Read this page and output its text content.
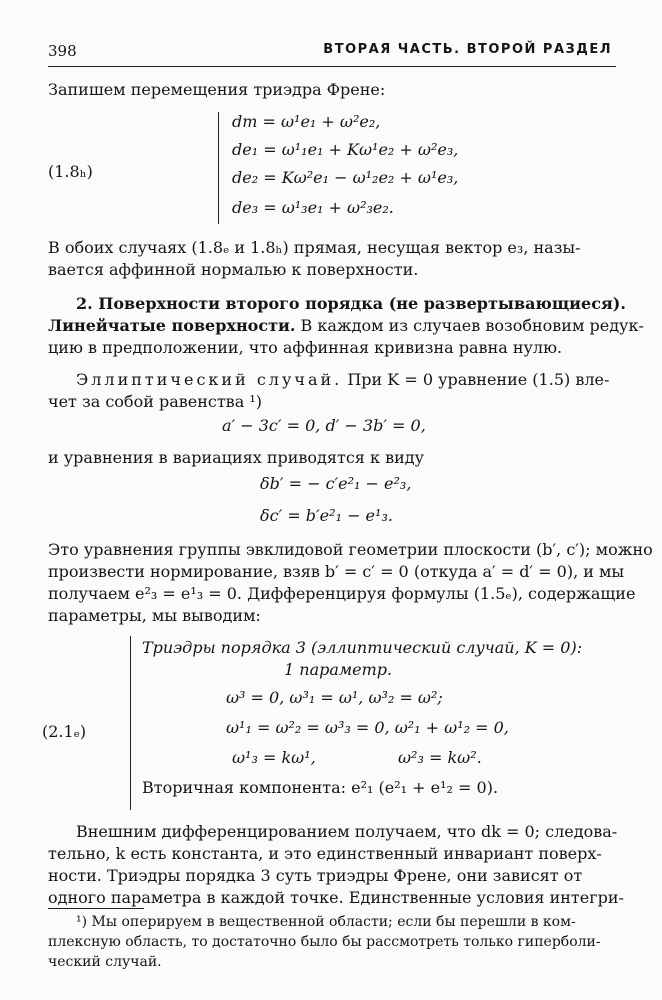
398	ВТОРАЯ ЧАСТЬ. ВТОРОЙ РАЗДЕЛ
Запишем перемещения триэдра Френе:
(1.8ₕ)
dm = ω¹e₁ + ω²e₂,
de₁ = ω¹₁e₁ + Kω¹e₂ + ω²e₃,
de₂ = Kω²e₁ − ω¹₂e₂ + ω¹e₃,
de₃ = ω¹₃e₁ + ω²₃e₂.
В обоих случаях (1.8ₑ и 1.8ₕ) прямая, несущая вектор e₃, назы-
вается аффинной нормалью к поверхности.
2. Поверхности второго порядка (не развертывающиеся).
Линейчатые поверхности. В каждом из случаев возобновим редук-
цию в предположении, что аффинная кривизна равна нулю.
Эллиптический случай. При K = 0 уравнение (1.5) вле-
чет за собой равенства ¹)
a′ − 3c′ = 0, d′ − 3b′ = 0,
и уравнения в вариациях приводятся к виду
δb′ = − c′e²₁ − e²₃,
δc′ = b′e²₁ − e¹₃.
Это уравнения группы эвклидовой геометрии плоскости (b′, c′); можно
произвести нормирование, взяв b′ = c′ = 0 (откуда a′ = d′ = 0), и мы
получаем e²₃ = e¹₃ = 0. Дифференцируя формулы (1.5ₑ), содержащие
параметры, мы выводим:
(2.1ₑ)
Триэдры порядка 3 (эллиптический случай, K = 0):
1 параметр.
ω³ = 0, ω³₁ = ω¹, ω³₂ = ω²;
ω¹₁ = ω²₂ = ω³₃ = 0, ω²₁ + ω¹₂ = 0,
ω¹₃ = kω¹,	ω²₃ = kω².
Вторичная компонента: e²₁ (e²₁ + e¹₂ = 0).
Внешним дифференцированием получаем, что dk = 0; следова-
тельно, k есть константа, и это единственный инвариант поверх-
ности. Триэдры порядка 3 суть триэдры Френе, они зависят от
одного параметра в каждой точке. Единственные условия интегри-
¹) Мы оперируем в вещественной области; если бы перешли в ком-
плексную область, то достаточно было бы рассмотреть только гиперболи-
ческий случай.
